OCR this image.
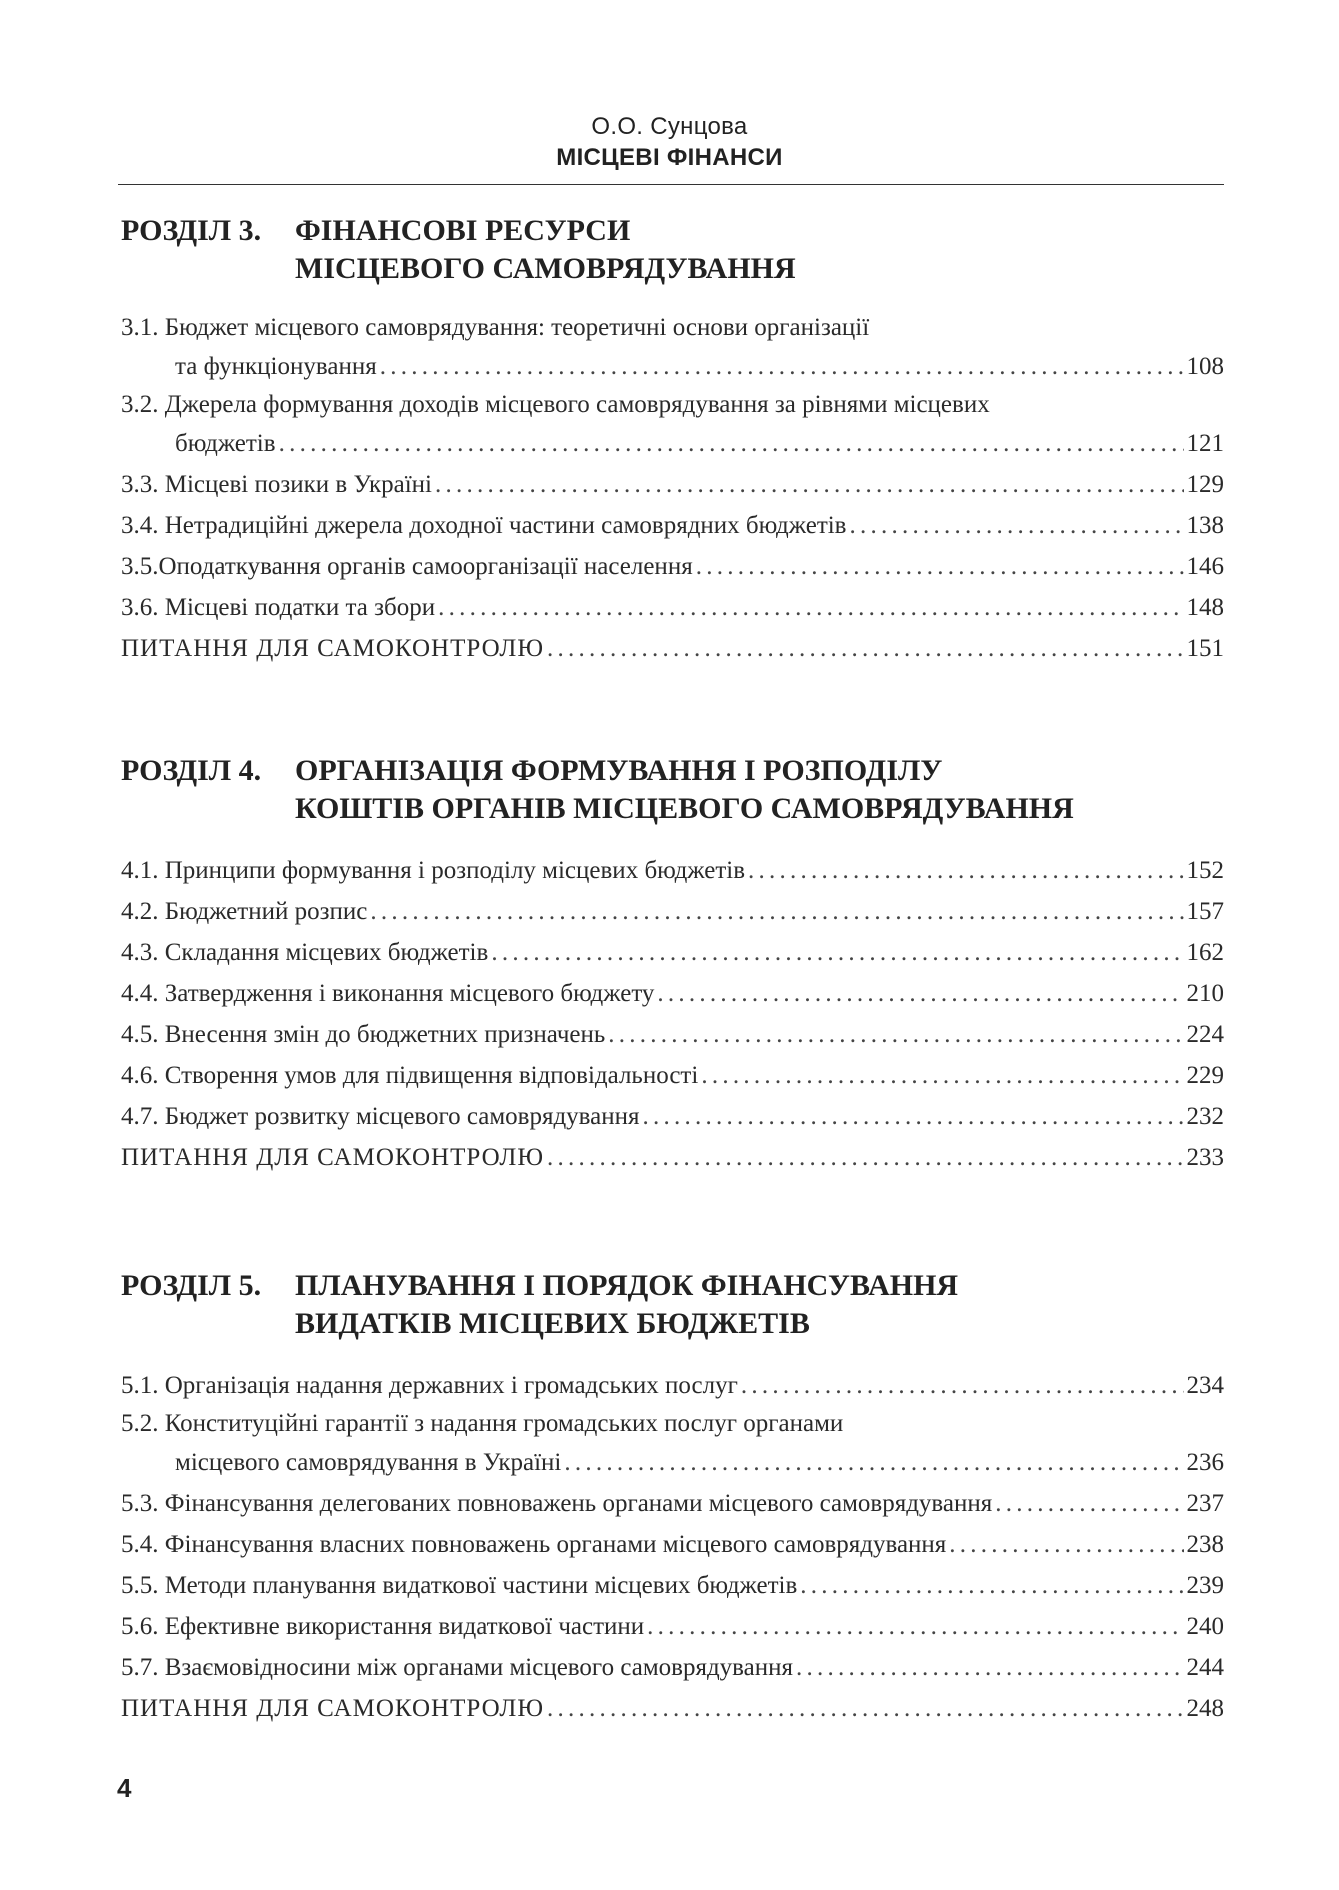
О.О. Сунцова
МІСЦЕВІ ФІНАНСИ
РОЗДІЛ 3. ФІНАНСОВІ РЕСУРСИ
МІСЦЕВОГО САМОВРЯДУВАННЯ
3.1. Бюджет місцевого самоврядування: теоретичні основи організації
та функціонування . . .	108
3.2. Джерела формування доходів місцевого самоврядування за рівнями місцевих
бюджетів . . .	121
3.3. Місцеві позики в Україні . . .	129
3.4. Нетрадиційні джерела доходної частини самоврядних бюджетів . . .	138
3.5.Оподаткування органів самоорганізації населення . . .	146
3.6. Місцеві податки та збори . . .	148
ПИТАННЯ ДЛЯ САМОКОНТРОЛЮ . . .	151
РОЗДІЛ 4. ОРГАНІЗАЦІЯ ФОРМУВАННЯ І РОЗПОДІЛУ
КОШТІВ ОРГАНІВ МІСЦЕВОГО САМОВРЯДУВАННЯ
4.1. Принципи формування і розподілу місцевих бюджетів . . .	152
4.2. Бюджетний розпис . . .	157
4.3. Складання місцевих бюджетів . . .	162
4.4. Затвердження і виконання місцевого бюджету . . .	210
4.5. Внесення змін до бюджетних призначень . . .	224
4.6. Створення умов для підвищення відповідальності . . .	229
4.7. Бюджет розвитку місцевого самоврядування . . .	232
ПИТАННЯ ДЛЯ САМОКОНТРОЛЮ . . .	233
РОЗДІЛ 5. ПЛАНУВАННЯ І ПОРЯДОК ФІНАНСУВАННЯ
ВИДАТКІВ МІСЦЕВИХ БЮДЖЕТІВ
5.1. Організація надання державних і громадських послуг . . .	234
5.2. Конституційні гарантії з надання громадських послуг органами
місцевого самоврядування в Україні . . .	236
5.3. Фінансування делегованих повноважень органами місцевого самоврядування . . .	237
5.4. Фінансування власних повноважень органами місцевого самоврядування . . .	238
5.5. Методи планування видаткової частини місцевих бюджетів . . .	239
5.6. Ефективне використання видаткової частини . . .	240
5.7. Взаємовідносини між органами місцевого самоврядування . . .	244
ПИТАННЯ ДЛЯ САМОКОНТРОЛЮ . . .	248
4
